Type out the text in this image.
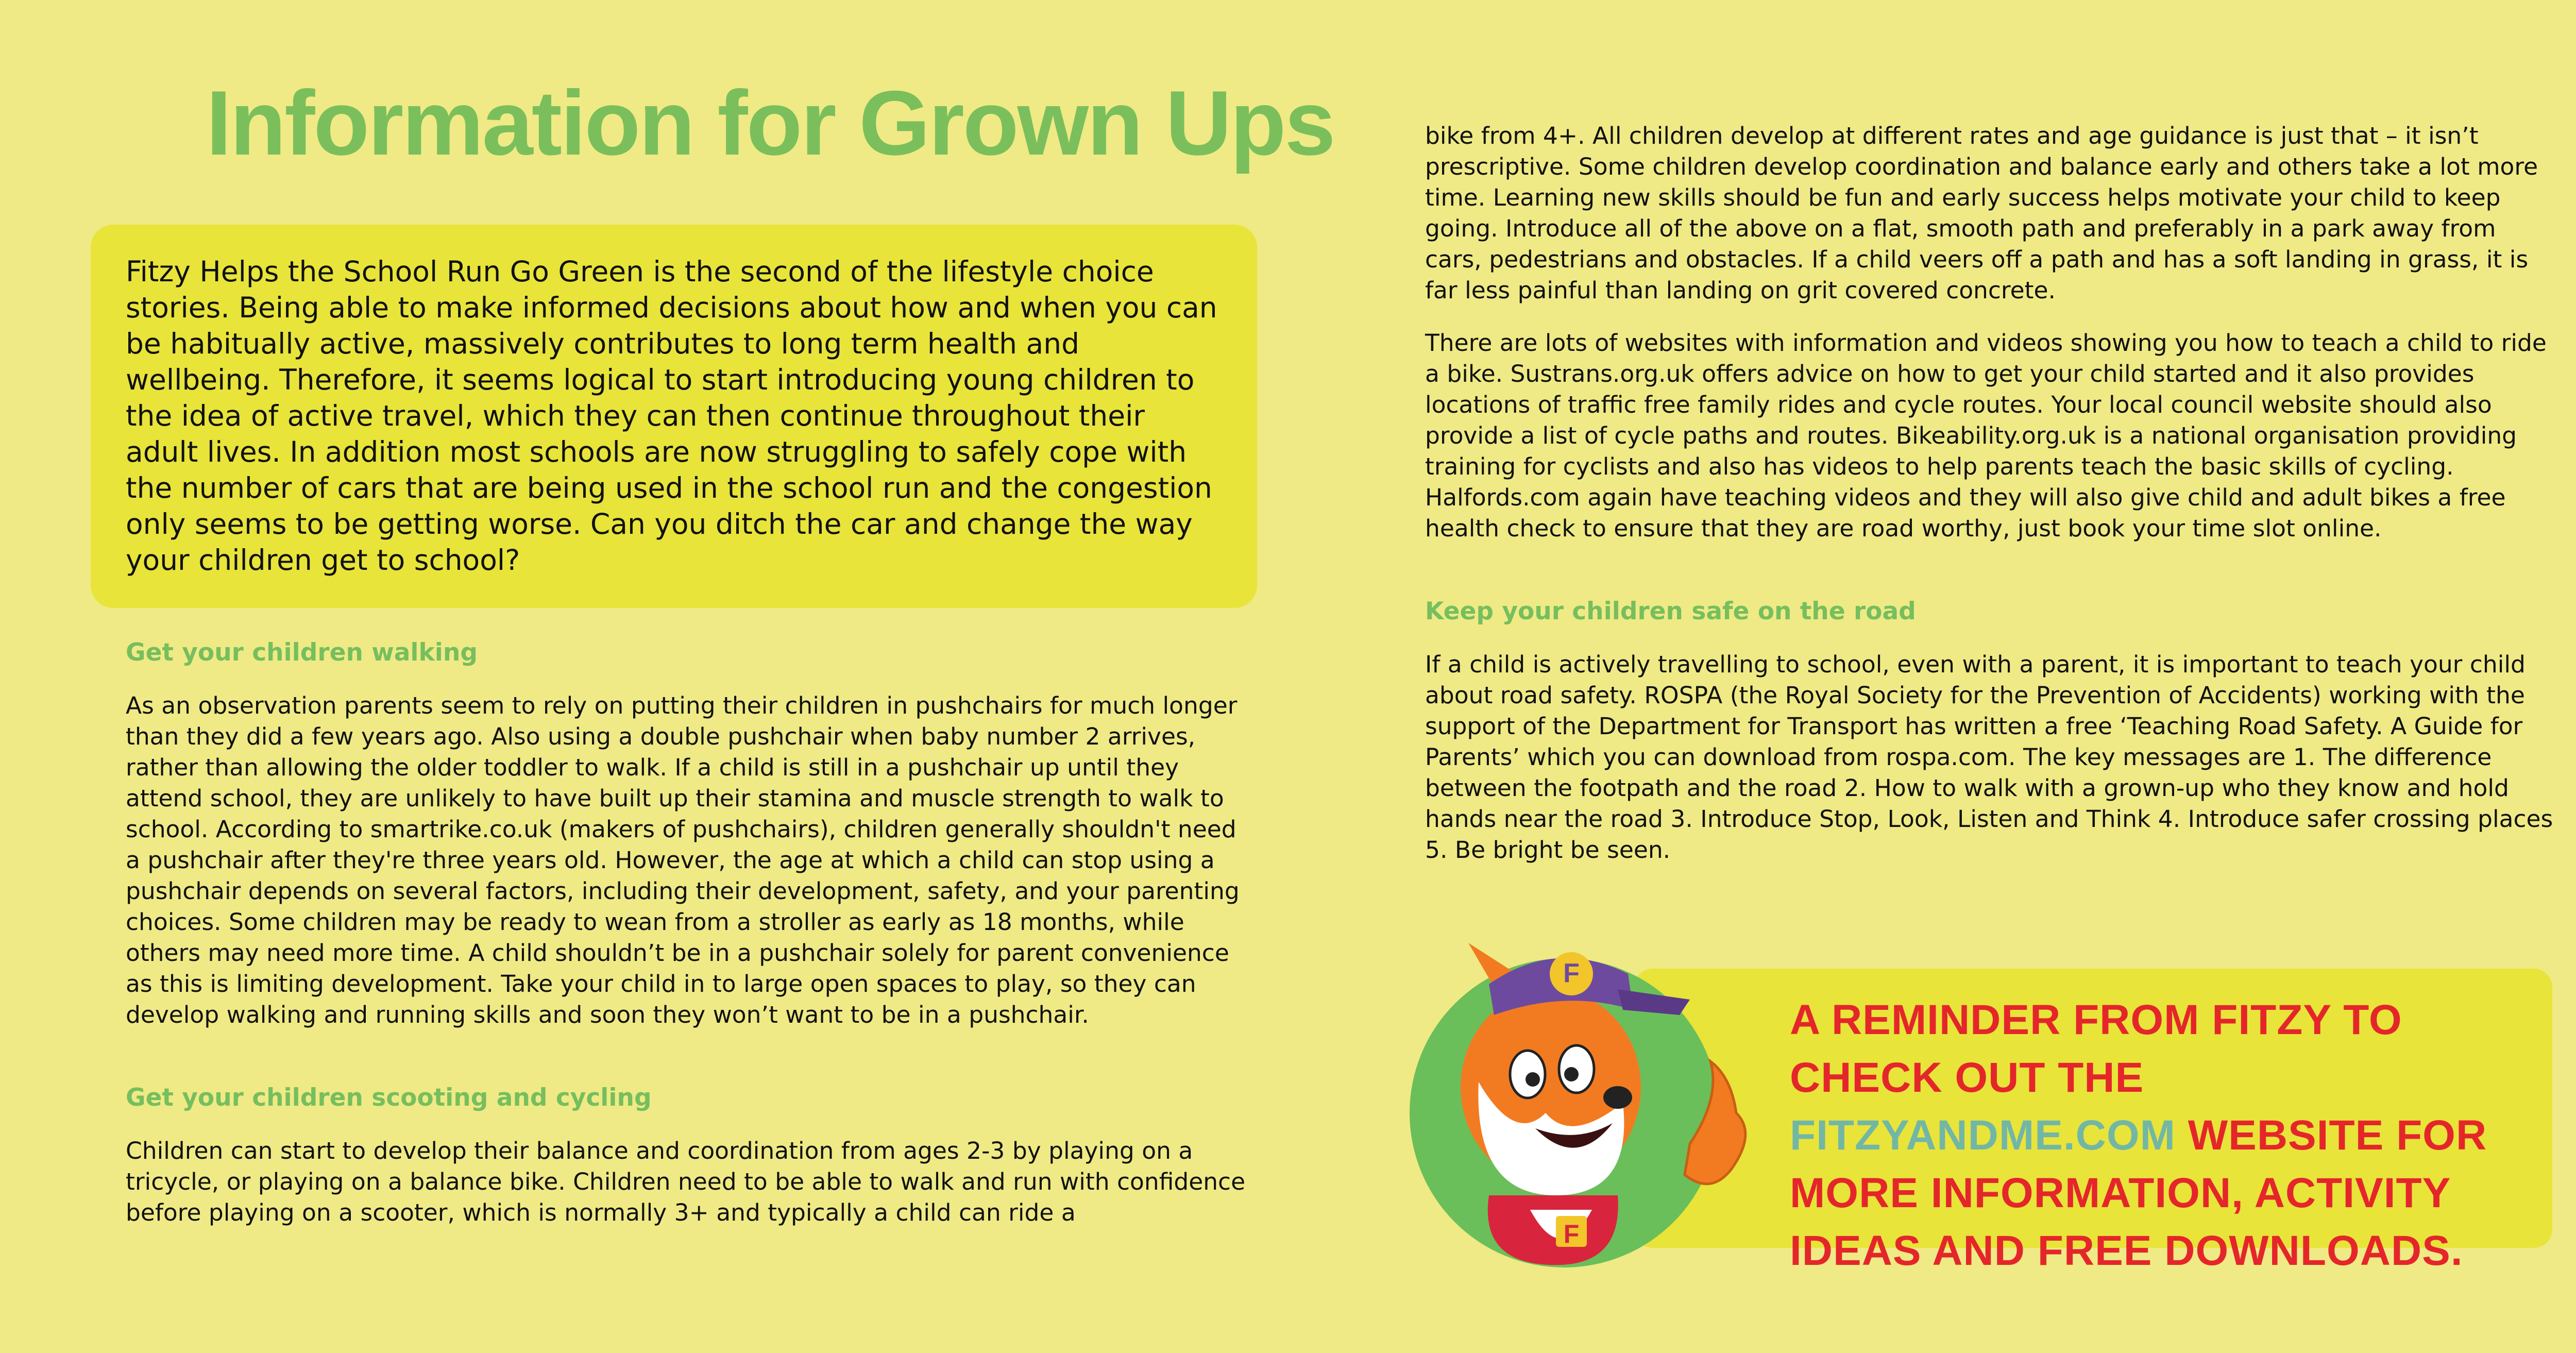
Information for Grown Ups
Fitzy Helps the School Run Go Green is the second of the lifestyle choice stories. Being able to make informed decisions about how and when you can be habitually active, massively contributes to long term health and wellbeing. Therefore, it seems logical to start introducing young children to the idea of active travel, which they can then continue throughout their adult lives. In addition most schools are now struggling to safely cope with the number of cars that are being used in the school run and the congestion only seems to be getting worse. Can you ditch the car and change the way your children get to school?
Get your children walking

As an observation parents seem to rely on putting their children in pushchairs for much longer than they did a few years ago. Also using a double pushchair when baby number 2 arrives, rather than allowing the older toddler to walk. If a child is still in a pushchair up until they attend school, they are unlikely to have built up their stamina and muscle strength to walk to school. According to smartrike.co.uk (makers of pushchairs), children generally shouldn't need a pushchair after they're three years old. However, the age at which a child can stop using a pushchair depends on several factors, including their development, safety, and your parenting choices. Some children may be ready to wean from a stroller as early as 18 months, while others may need more time. A child shouldn’t be in a pushchair solely for parent convenience as this is limiting development. Take your child in to large open spaces to play, so they can develop walking and running skills and soon they won’t want to be in a pushchair.

Get your children scooting and cycling

Children can start to develop their balance and coordination from ages 2-3 by playing on a tricycle, or playing on a balance bike. Children need to be able to walk and run with confidence before playing on a scooter, which is normally 3+ and typically a child can ride a

bike from 4+. All children develop at different rates and age guidance is just that – it isn’t prescriptive. Some children develop coordination and balance early and others take a lot more time. Learning new skills should be fun and early success helps motivate your child to keep going. Introduce all of the above on a flat, smooth path and preferably in a park away from cars, pedestrians and obstacles. If a child veers off a path and has a soft landing in grass, it is far less painful than landing on grit covered concrete.

There are lots of websites with information and videos showing you how to teach a child to ride a bike. Sustrans.org.uk offers advice on how to get your child started and it also provides locations of traffic free family rides and cycle routes. Your local council website should also provide a list of cycle paths and routes. Bikeability.org.uk is a national organisation providing training for cyclists and also has videos to help parents teach the basic skills of cycling. Halfords.com again have teaching videos and they will also give child and adult bikes a free health check to ensure that they are road worthy, just book your time slot online.

Keep your children safe on the road

If a child is actively travelling to school, even with a parent, it is important to teach your child about road safety. ROSPA (the Royal Society for the Prevention of Accidents) working with the support of the Department for Transport has written a free ‘Teaching Road Safety. A Guide for Parents’ which you can download from rospa.com. The key messages are 1. The difference between the footpath and the road 2. How to walk with a grown-up who they know and hold hands near the road 3. Introduce Stop, Look, Listen and Think 4. Introduce safer crossing places 5. Be bright be seen.

F
F

A REMINDER FROM FITZY TO CHECK OUT THE FITZYANDME.COM WEBSITE FOR MORE INFORMATION, ACTIVITY IDEAS AND FREE DOWNLOADS.
